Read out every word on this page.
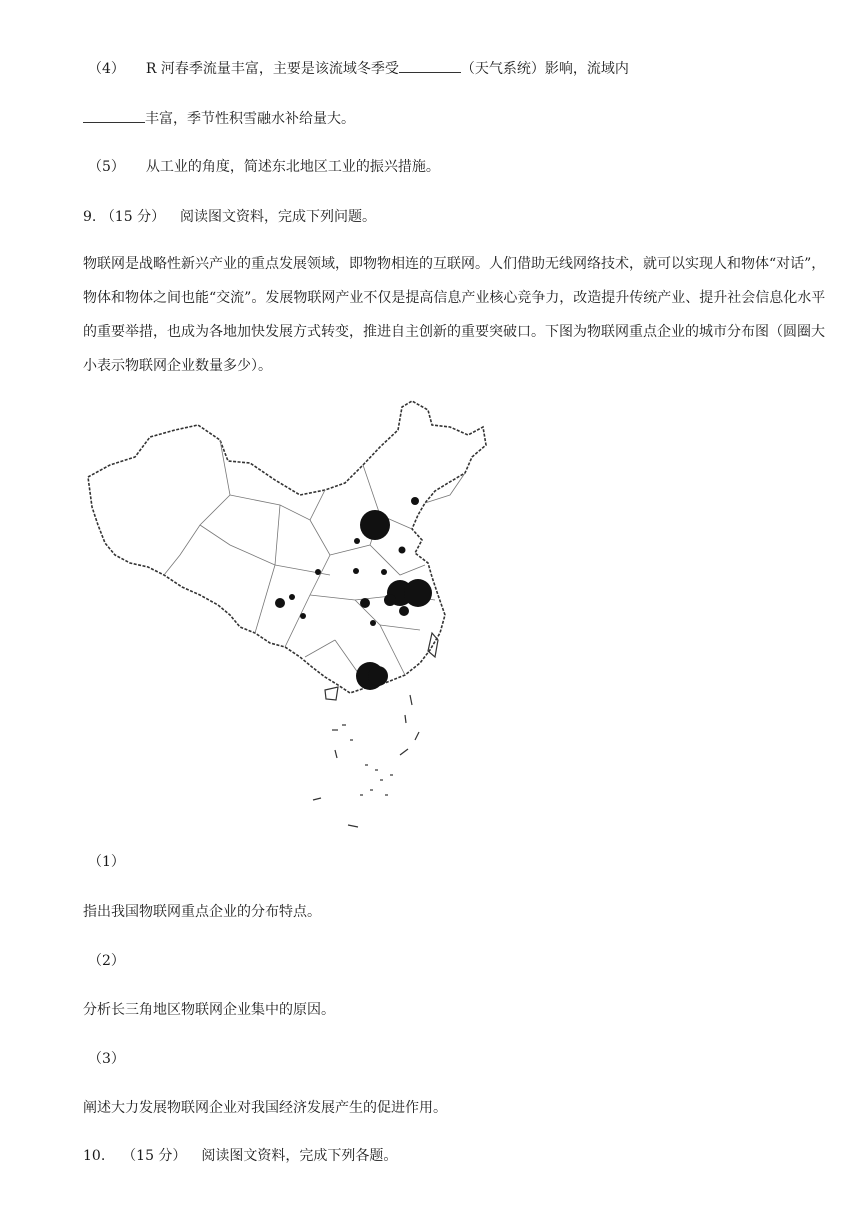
（4） R 河春季流量丰富，主要是该流域冬季受	（天气系统）影响，流域内
丰富，季节性积雪融水补给量大。
（5） 从工业的角度，简述东北地区工业的振兴措施。
9. （15 分） 阅读图文资料，完成下列问题。
物联网是战略性新兴产业的重点发展领域，即物物相连的互联网。人们借助无线网络技术，就可以实现人和物体“对话”，物体和物体之间也能“交流”。发展物联网产业不仅是提高信息产业核心竞争力，改造提升传统产业、提升社会信息化水平的重要举措，也成为各地加快发展方式转变，推进自主创新的重要突破口。下图为物联网重点企业的城市分布图（圆圈大小表示物联网企业数量多少）。
（1）
指出我国物联网重点企业的分布特点。
（2）
分析长三角地区物联网企业集中的原因。
（3）
阐述大力发展物联网企业对我国经济发展产生的促进作用。
10. （15 分） 阅读图文资料，完成下列各题。
